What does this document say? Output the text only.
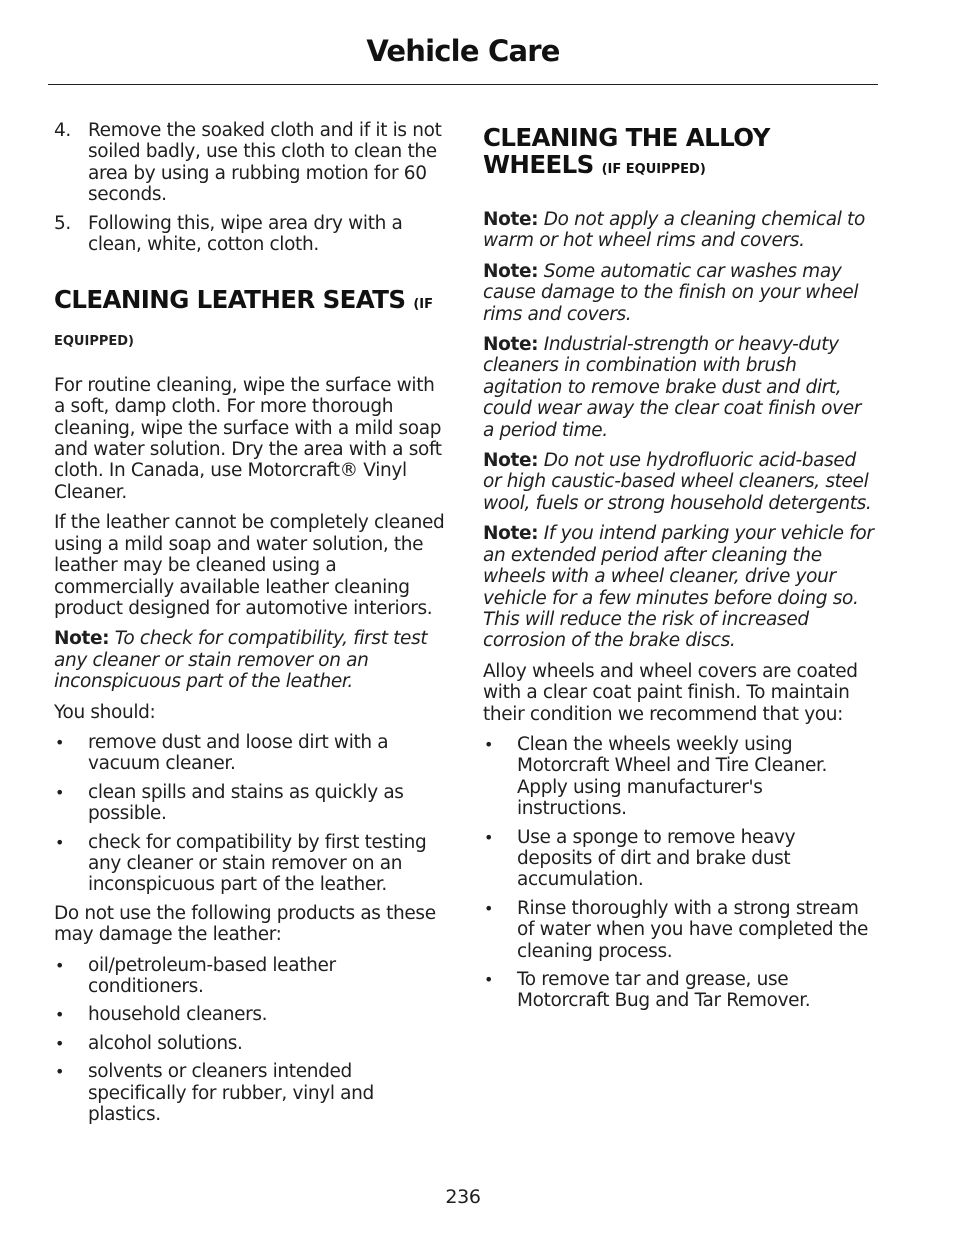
Vehicle Care
4. Remove the soaked cloth and if it is not soiled badly, use this cloth to clean the area by using a rubbing motion for 60 seconds.
5. Following this, wipe area dry with a clean, white, cotton cloth.
CLEANING LEATHER SEATS (IF
EQUIPPED)

For routine cleaning, wipe the surface with a soft, damp cloth. For more thorough cleaning, wipe the surface with a mild soap and water solution. Dry the area with a soft cloth. In Canada, use Motorcraft® Vinyl Cleaner.

If the leather cannot be completely cleaned using a mild soap and water solution, the leather may be cleaned using a commercially available leather cleaning product designed for automotive interiors.

Note: To check for compatibility, first test any cleaner or stain remover on an inconspicuous part of the leather.

You should:

• remove dust and loose dirt with a vacuum cleaner.
• clean spills and stains as quickly as possible.
• check for compatibility by first testing any cleaner or stain remover on an inconspicuous part of the leather.

Do not use the following products as these may damage the leather:

• oil/petroleum-based leather conditioners.
• household cleaners.
• alcohol solutions.
• solvents or cleaners intended specifically for rubber, vinyl and plastics.
CLEANING THE ALLOY
WHEELS (IF EQUIPPED)

Note: Do not apply a cleaning chemical to warm or hot wheel rims and covers.

Note: Some automatic car washes may cause damage to the finish on your wheel rims and covers.

Note: Industrial-strength or heavy-duty cleaners in combination with brush agitation to remove brake dust and dirt, could wear away the clear coat finish over a period time.

Note: Do not use hydrofluoric acid-based or high caustic-based wheel cleaners, steel wool, fuels or strong household detergents.

Note: If you intend parking your vehicle for an extended period after cleaning the wheels with a wheel cleaner, drive your vehicle for a few minutes before doing so. This will reduce the risk of increased corrosion of the brake discs.

Alloy wheels and wheel covers are coated with a clear coat paint finish. To maintain their condition we recommend that you:

• Clean the wheels weekly using Motorcraft Wheel and Tire Cleaner. Apply using manufacturer's instructions.
• Use a sponge to remove heavy deposits of dirt and brake dust accumulation.
• Rinse thoroughly with a strong stream of water when you have completed the cleaning process.
• To remove tar and grease, use Motorcraft Bug and Tar Remover.
236
